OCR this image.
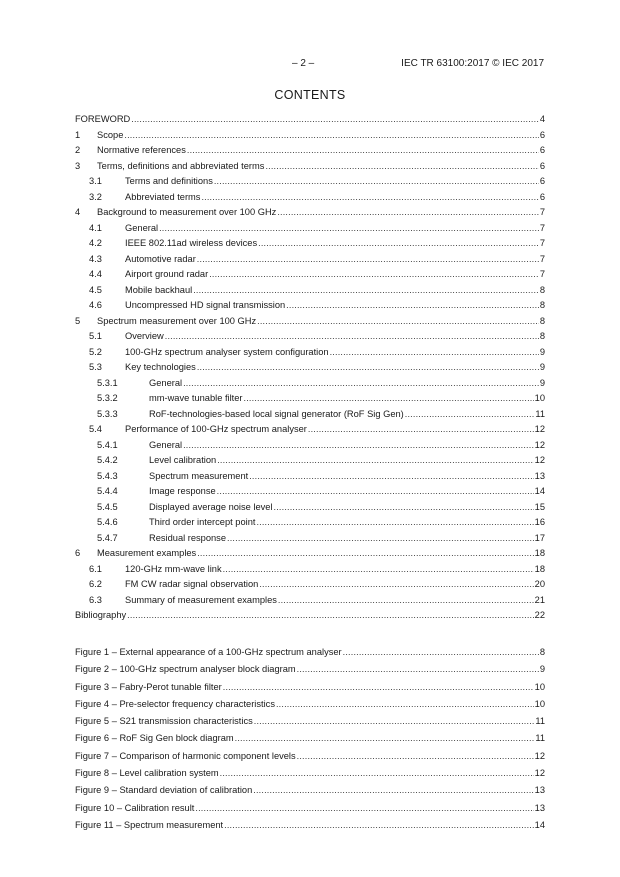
– 2 –	IEC TR 63100:2017 © IEC 2017
CONTENTS
FOREWORD .....	4
1	Scope .....	6
2	Normative references .....	6
3	Terms, definitions and abbreviated terms .....	6
3.1	Terms and definitions .....	6
3.2	Abbreviated terms .....	6
4	Background to measurement over 100 GHz .....	7
4.1	General .....	7
4.2	IEEE 802.11ad wireless devices .....	7
4.3	Automotive radar .....	7
4.4	Airport ground radar .....	7
4.5	Mobile backhaul .....	8
4.6	Uncompressed HD signal transmission .....	8
5	Spectrum measurement over 100 GHz .....	8
5.1	Overview .....	8
5.2	100-GHz spectrum analyser system configuration .....	9
5.3	Key technologies .....	9
5.3.1	General .....	9
5.3.2	mm-wave tunable filter .....	10
5.3.3	RoF-technologies-based local signal generator (RoF Sig Gen) .....	11
5.4	Performance of 100-GHz spectrum analyser .....	12
5.4.1	General .....	12
5.4.2	Level calibration .....	12
5.4.3	Spectrum measurement .....	13
5.4.4	Image response .....	14
5.4.5	Displayed average noise level .....	15
5.4.6	Third order intercept point .....	16
5.4.7	Residual response .....	17
6	Measurement examples .....	18
6.1	120-GHz mm-wave link .....	18
6.2	FM CW radar signal observation .....	20
6.3	Summary of measurement examples .....	21
Bibliography .....	22
Figure 1 – External appearance of a 100-GHz spectrum analyser .....	8
Figure 2 – 100-GHz spectrum analyser block diagram .....	9
Figure 3 – Fabry-Perot tunable filter .....	10
Figure 4 – Pre-selector frequency characteristics .....	10
Figure 5 – S21 transmission characteristics .....	11
Figure 6 – RoF Sig Gen block diagram .....	11
Figure 7 – Comparison of harmonic component levels .....	12
Figure 8 – Level calibration system .....	12
Figure 9 – Standard deviation of calibration .....	13
Figure 10 – Calibration result .....	13
Figure 11 – Spectrum measurement .....	14
